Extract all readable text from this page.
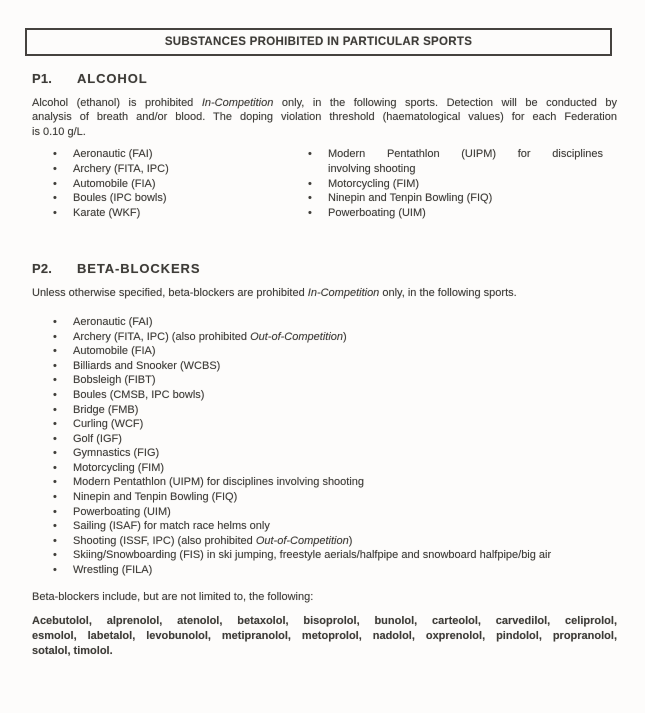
SUBSTANCES PROHIBITED IN PARTICULAR SPORTS
P1.	ALCOHOL
Alcohol (ethanol) is prohibited In-Competition only, in the following sports. Detection will be conducted by
analysis of breath and/or blood. The doping violation threshold (haematological values) for each Federation
is 0.10 g/L.
•	Aeronautic (FAI)
•	Archery (FITA, IPC)
•	Automobile (FIA)
•	Boules (IPC bowls)
•	Karate (WKF)
•	Modern Pentathlon (UIPM) for disciplines
involving shooting
•	Motorcycling (FIM)
•	Ninepin and Tenpin Bowling (FIQ)
•	Powerboating (UIM)
P2.	BETA-BLOCKERS
Unless otherwise specified, beta-blockers are prohibited In-Competition only, in the following sports.
•	Aeronautic (FAI)
•	Archery (FITA, IPC) (also prohibited Out-of-Competition)
•	Automobile (FIA)
•	Billiards and Snooker (WCBS)
•	Bobsleigh (FIBT)
•	Boules (CMSB, IPC bowls)
•	Bridge (FMB)
•	Curling (WCF)
•	Golf (IGF)
•	Gymnastics (FIG)
•	Motorcycling (FIM)
•	Modern Pentathlon (UIPM) for disciplines involving shooting
•	Ninepin and Tenpin Bowling (FIQ)
•	Powerboating (UIM)
•	Sailing (ISAF) for match race helms only
•	Shooting (ISSF, IPC) (also prohibited Out-of-Competition)
•	Skiing/Snowboarding (FIS) in ski jumping, freestyle aerials/halfpipe and snowboard halfpipe/big air
•	Wrestling (FILA)
Beta-blockers include, but are not limited to, the following:
Acebutolol, alprenolol, atenolol, betaxolol, bisoprolol, bunolol, carteolol, carvedilol, celiprolol,
esmolol, labetalol, levobunolol, metipranolol, metoprolol, nadolol, oxprenolol, pindolol, propranolol,
sotalol, timolol.
